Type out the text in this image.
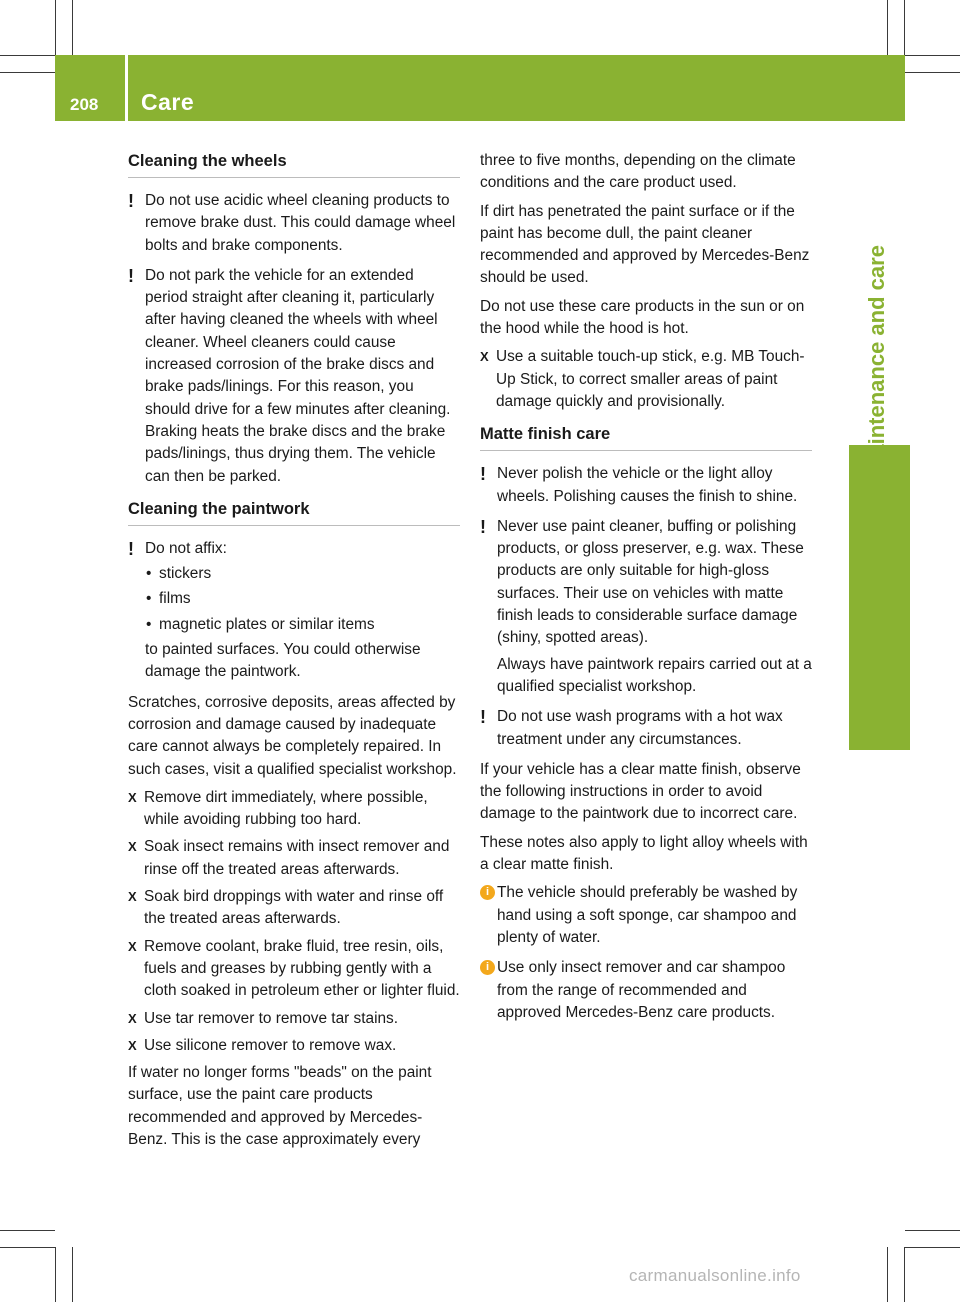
208 Care
Maintenance and care
Cleaning the wheels
! Do not use acidic wheel cleaning products to remove brake dust. This could damage wheel bolts and brake components.
! Do not park the vehicle for an extended period straight after cleaning it, particularly after having cleaned the wheels with wheel cleaner. Wheel cleaners could cause increased corrosion of the brake discs and brake pads/linings. For this reason, you should drive for a few minutes after cleaning. Braking heats the brake discs and the brake pads/linings, thus drying them. The vehicle can then be parked.
Cleaning the paintwork
! Do not affix:
• stickers
• films
• magnetic plates or similar items
to painted surfaces. You could otherwise damage the paintwork.

Scratches, corrosive deposits, areas affected by corrosion and damage caused by inadequate care cannot always be completely repaired. In such cases, visit a qualified specialist workshop.

X Remove dirt immediately, where possible, while avoiding rubbing too hard.
X Soak insect remains with insect remover and rinse off the treated areas afterwards.
X Soak bird droppings with water and rinse off the treated areas afterwards.
X Remove coolant, brake fluid, tree resin, oils, fuels and greases by rubbing gently with a cloth soaked in petroleum ether or lighter fluid.
X Use tar remover to remove tar stains.
X Use silicone remover to remove wax.

If water no longer forms "beads" on the paint surface, use the paint care products recommended and approved by Mercedes-Benz. This is the case approximately every

three to five months, depending on the climate conditions and the care product used.

If dirt has penetrated the paint surface or if the paint has become dull, the paint cleaner recommended and approved by Mercedes-Benz should be used.

Do not use these care products in the sun or on the hood while the hood is hot.

X Use a suitable touch-up stick, e.g. MB Touch-Up Stick, to correct smaller areas of paint damage quickly and provisionally.
Matte finish care
! Never polish the vehicle or the light alloy wheels. Polishing causes the finish to shine.
! Never use paint cleaner, buffing or polishing products, or gloss preserver, e.g. wax. These products are only suitable for high-gloss surfaces. Their use on vehicles with matte finish leads to considerable surface damage (shiny, spotted areas).
Always have paintwork repairs carried out at a qualified specialist workshop.
! Do not use wash programs with a hot wax treatment under any circumstances.

If your vehicle has a clear matte finish, observe the following instructions in order to avoid damage to the paintwork due to incorrect care.

These notes also apply to light alloy wheels with a clear matte finish.

i The vehicle should preferably be washed by hand using a soft sponge, car shampoo and plenty of water.
i Use only insect remover and car shampoo from the range of recommended and approved Mercedes-Benz care products.
carmanualsonline.info
